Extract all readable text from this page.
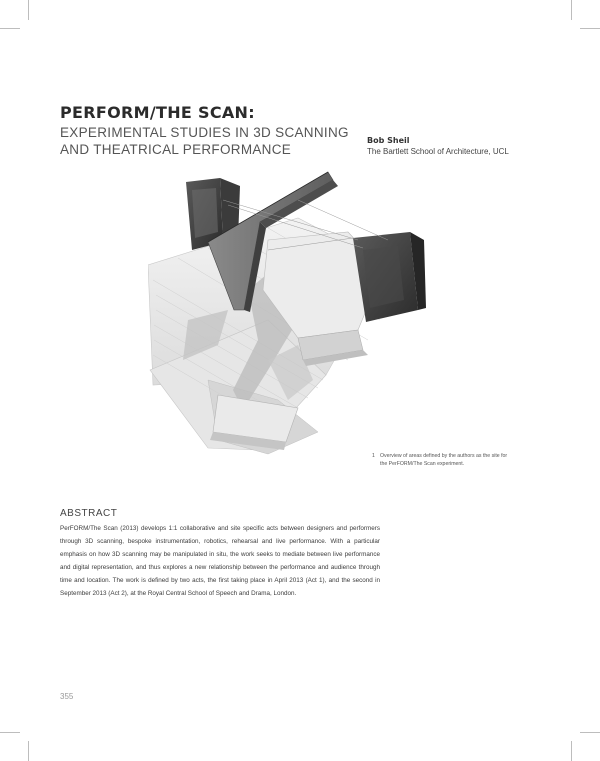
PERFORM/THE SCAN:

EXPERIMENTAL STUDIES IN 3D SCANNING AND THEATRICAL PERFORMANCE

Bob Sheil
The Bartlett School of Architecture, UCL
1 Overview of areas defined by the authors as the site for the PerFORM/The Scan experiment.
ABSTRACT

PerFORM/The Scan (2013) develops 1:1 collaborative and site specific acts between designers and performers through 3D scanning, bespoke instrumentation, robotics, rehearsal and live performance. With a particular emphasis on how 3D scanning may be manipulated in situ, the work seeks to mediate between live performance and digital representation, and thus explores a new relationship between the performance and audience through time and location. The work is defined by two acts, the first taking place in April 2013 (Act 1), and the second in September 2013 (Act 2), at the Royal Central School of Speech and Drama, London.

355
